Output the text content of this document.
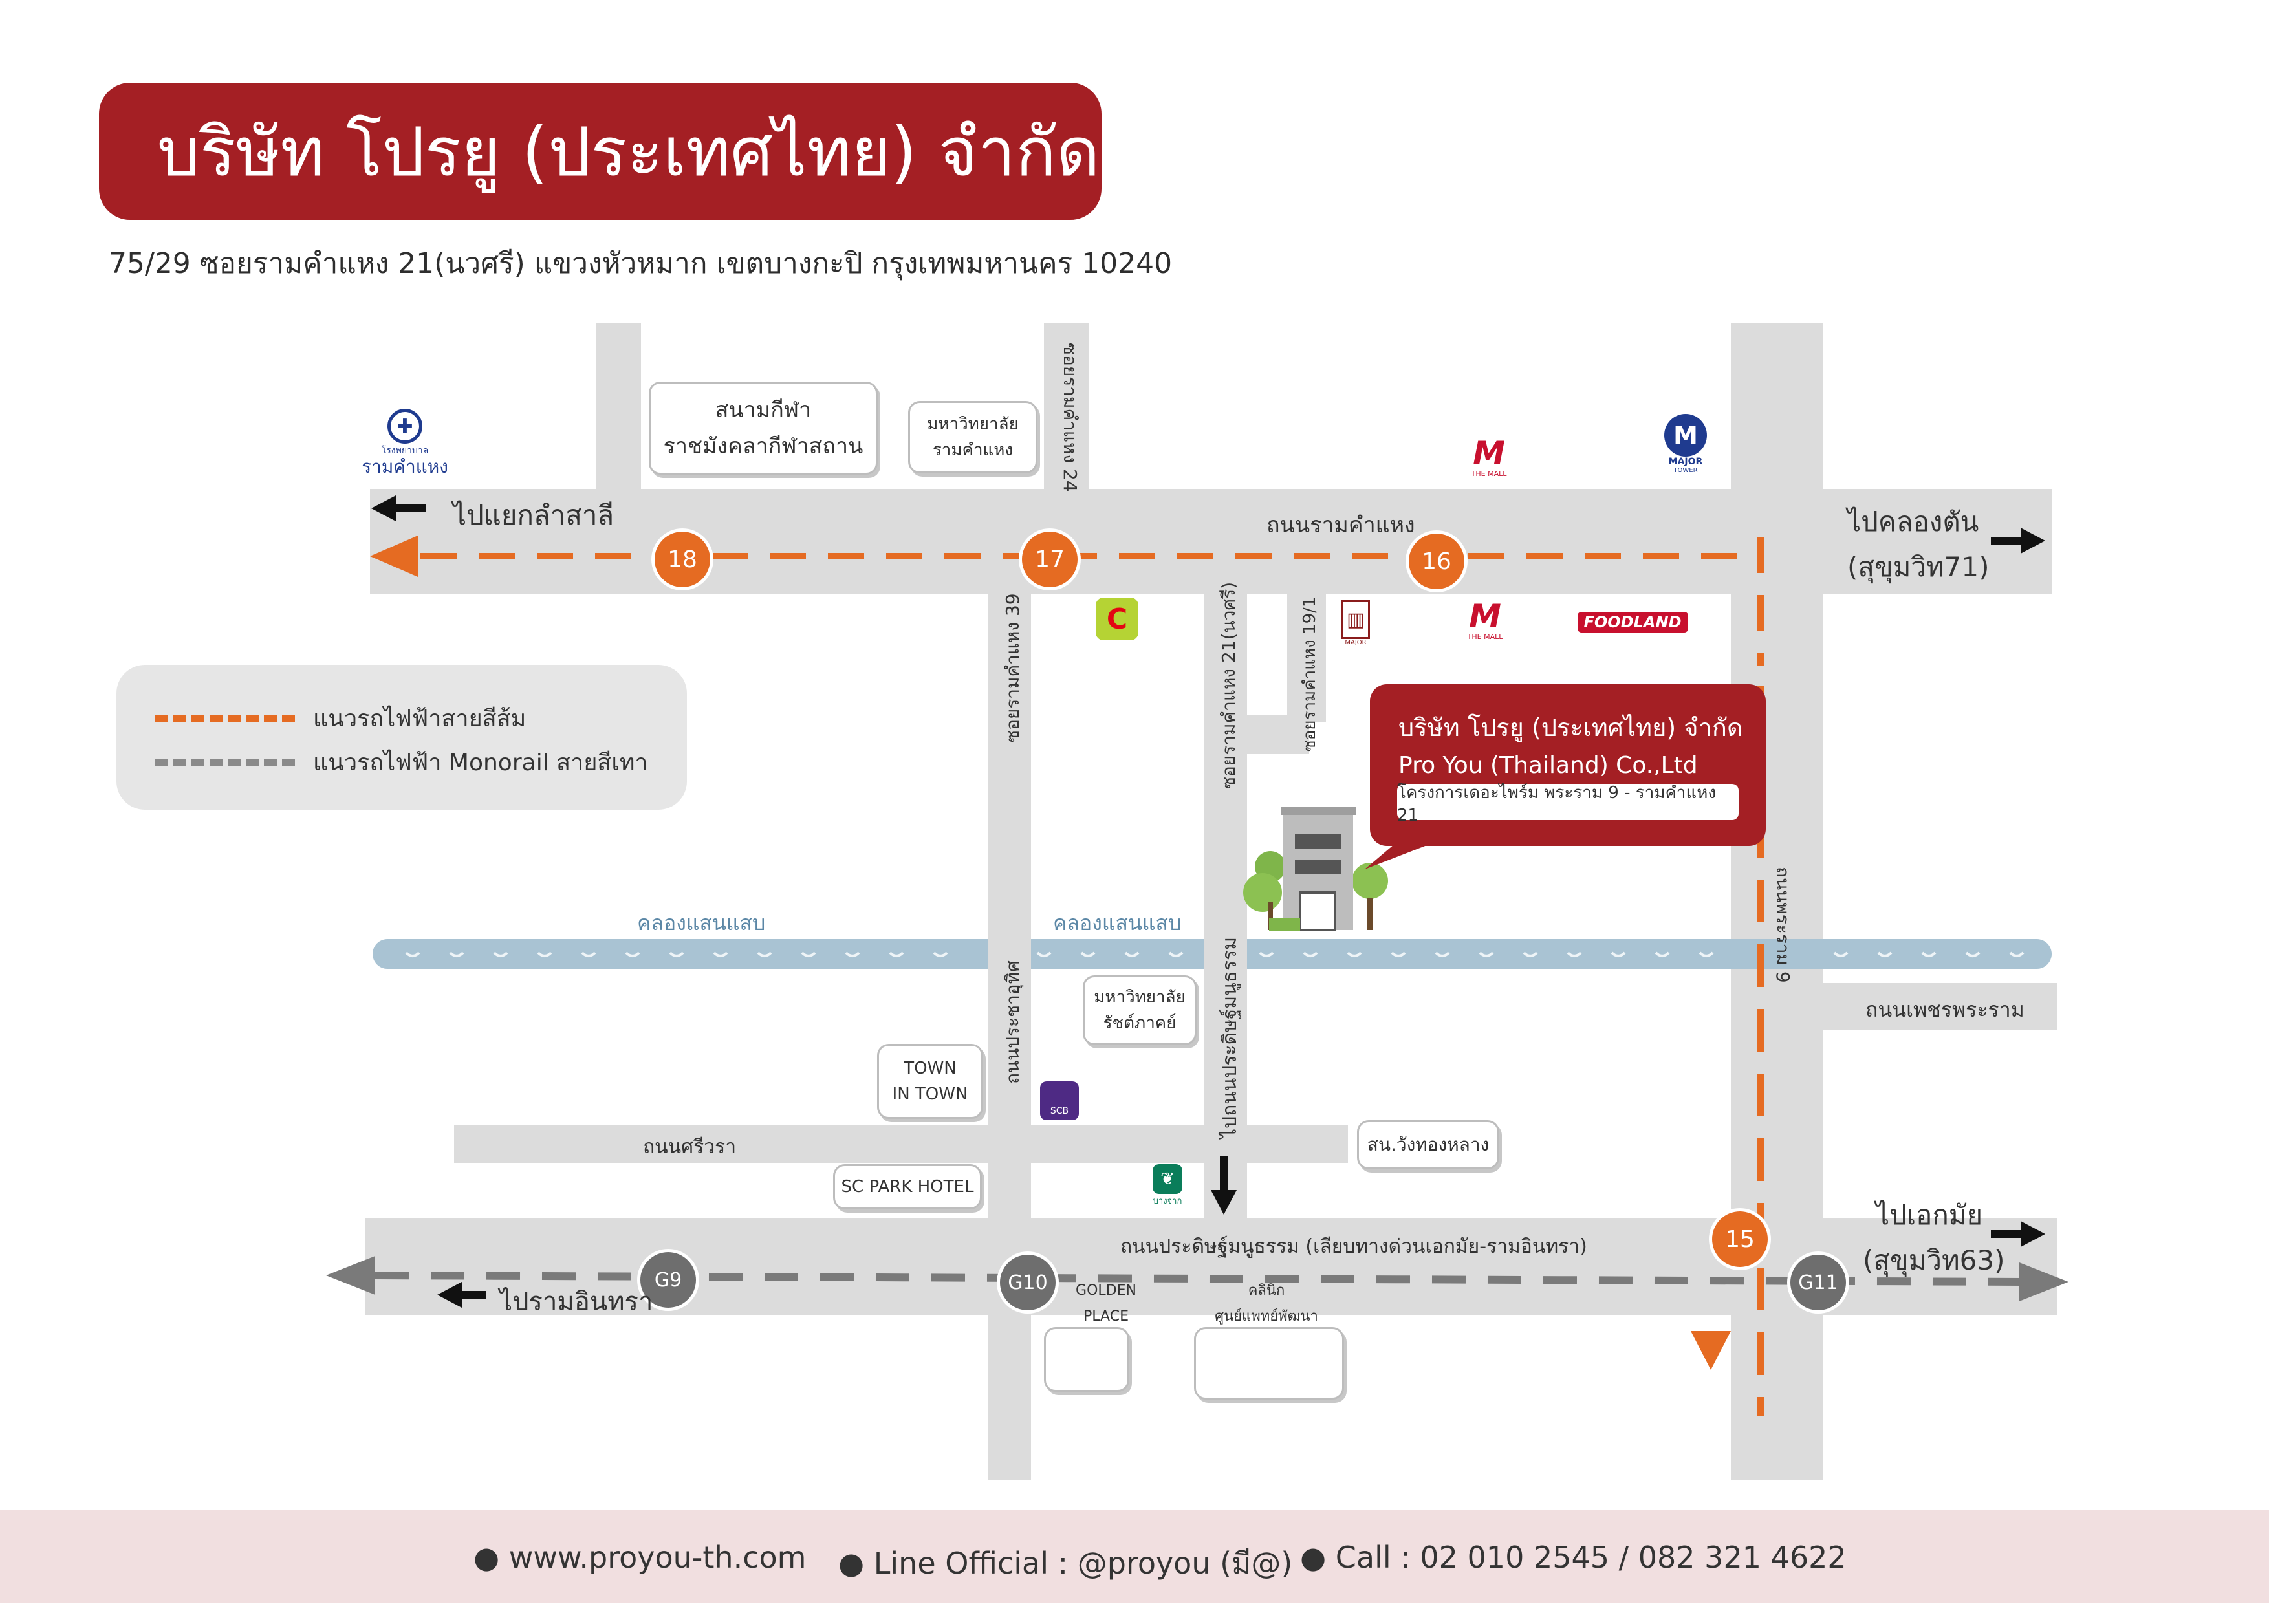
บริษัท โปรยู (ประเทศไทย) จำกัด
75/29 ซอยรามคำแหง 21(นวศรี) แขวงหัวหมาก เขตบางกะปิ กรุงเทพมหานคร 10240
18	17	16
15
G9	G10	G11
ถนนรามคำแหง
ซอยรามคำแหง 24
ซอยรามคำแหง 39	ซอยรามคำแหง 21(นวศรี)	ซอยรามคำแหง 19/1
ถนนพระราม 9
ถนนเพชรพระราม
ถนนประชาอุทิศ
ถนนศรีวรา
ไปถนนประดิษฐ์มนูธรรม
ถนนประดิษฐ์มนูธรรม (เลียบทางด่วนเอกมัย-รามอินทรา)
คลองแสนแสบ	คลองแสนแสบ
ไปแยกลำสาลี	ไปคลองตัน
(สุขุมวิท71)
ไปเอกมัย
(สุขุมวิท63)
ไปรามอินทรา
สนามกีฬา
ราชมังคลากีฬาสถาน
มหาวิทยาลัย
รามคำแหง
มหาวิทยาลัย
รัชต์ภาคย์
TOWN
IN TOWN
SC PARK HOTEL
สน.วังทองหลาง
GOLDEN
PLACE
คลินิก
ศูนย์แพทย์พัฒนา
✚
โรงพยาบาล
รามคำแหง	M
THE MALL
M
MAJOR
TOWER
C	▥
MAJOR
M
THE MALL
FOODLAND
SCB
❦
บางจาก
แนวรถไฟฟ้าสายสีส้ม
แนวรถไฟฟ้า Monorail สายสีเทา
บริษัท โปรยู (ประเทศไทย) จำกัด
Pro You (Thailand) Co.,Ltd
โครงการเดอะไพร์ม พระราม 9 - รามคำแหง 21
● www.proyou-th.com ● Line Official : @proyou (มี@) ● Call : 02 010 2545 / 082 321 4622
